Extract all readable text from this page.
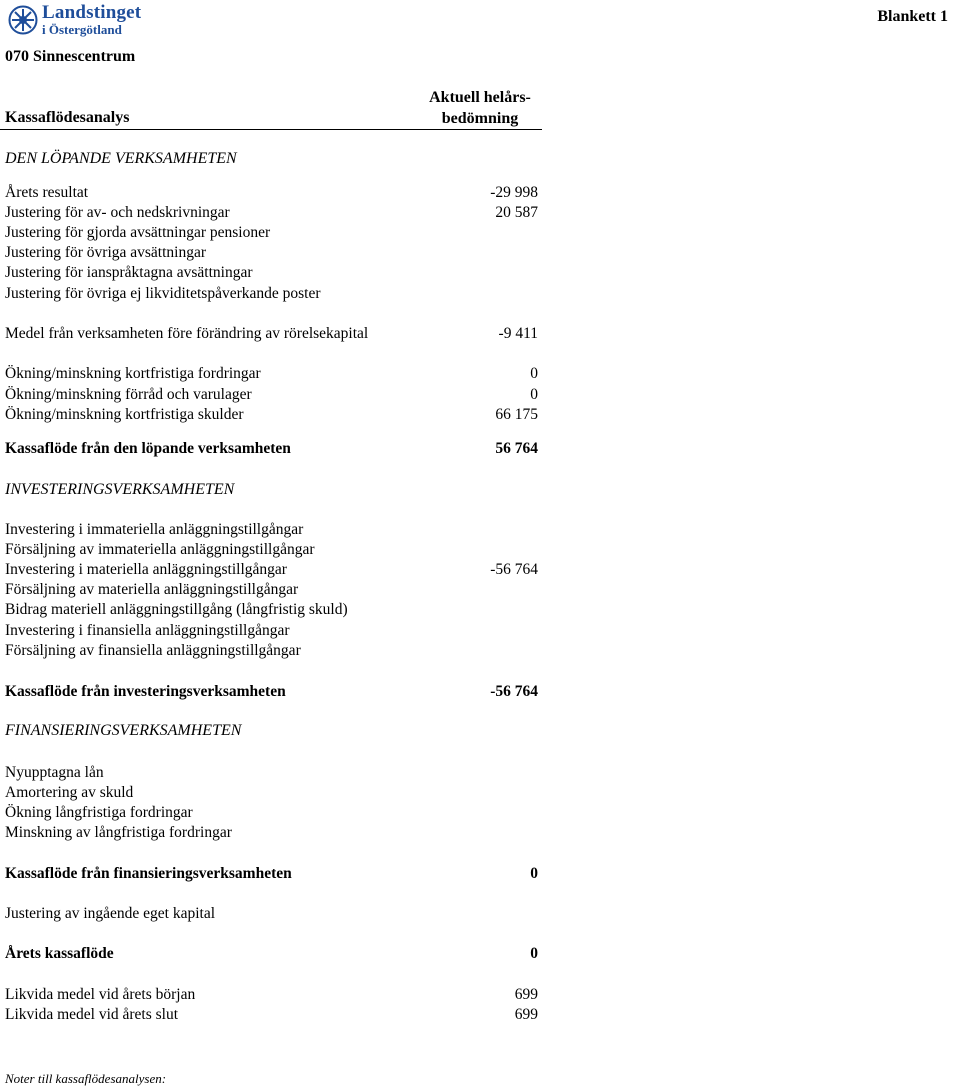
Landstinget
i Östergötland
Blankett 1
070 Sinnescentrum
Kassaflödesanalys
Aktuell helårs- bedömning
DEN LÖPANDE VERKSAMHETEN
Årets resultat	-29 998
Justering för av- och nedskrivningar	20 587
Justering för gjorda avsättningar pensioner
Justering för övriga avsättningar
Justering för ianspråktagna avsättningar
Justering för övriga ej likviditetspåverkande poster
Medel från verksamheten före förändring av rörelsekapital	-9 411
Ökning/minskning kortfristiga fordringar	0
Ökning/minskning förråd och varulager	0
Ökning/minskning kortfristiga skulder	66 175
Kassaflöde från den löpande verksamheten	56 764
INVESTERINGSVERKSAMHETEN
Investering i immateriella anläggningstillgångar
Försäljning av immateriella anläggningstillgångar
Investering i materiella anläggningstillgångar	-56 764
Försäljning av materiella anläggningstillgångar
Bidrag materiell anläggningstillgång (långfristig skuld)
Investering i finansiella anläggningstillgångar
Försäljning av finansiella anläggningstillgångar
Kassaflöde från investeringsverksamheten	-56 764
FINANSIERINGSVERKSAMHETEN
Nyupptagna lån
Amortering av skuld
Ökning långfristiga fordringar
Minskning av långfristiga fordringar
Kassaflöde från finansieringsverksamheten	0
Justering av ingående eget kapital
Årets kassaflöde	0
Likvida medel vid årets början	699
Likvida medel vid årets slut	699
Noter till kassaflödesanalysen:
